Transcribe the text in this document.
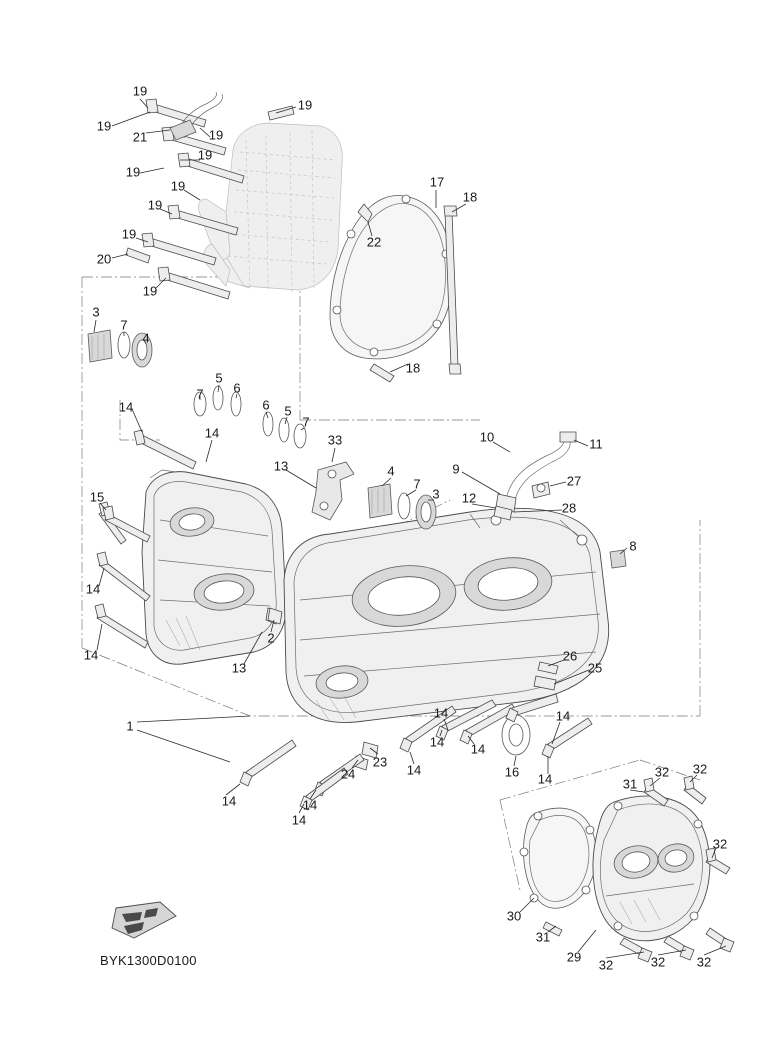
19
19
19
21	19
19
19
19	17
18
19
22
19
20
19
3
7
4
18
7
5
6
6 5
7
14
14	33
13
10	11
9
27
4
7
3 12
28
15
8
14
2
14
13
26
25
1
14	14
14 14
24
23
16 14
14
31
32 32
14	14
14
32
30
31
29
32	32 32
BYK1300D0100
